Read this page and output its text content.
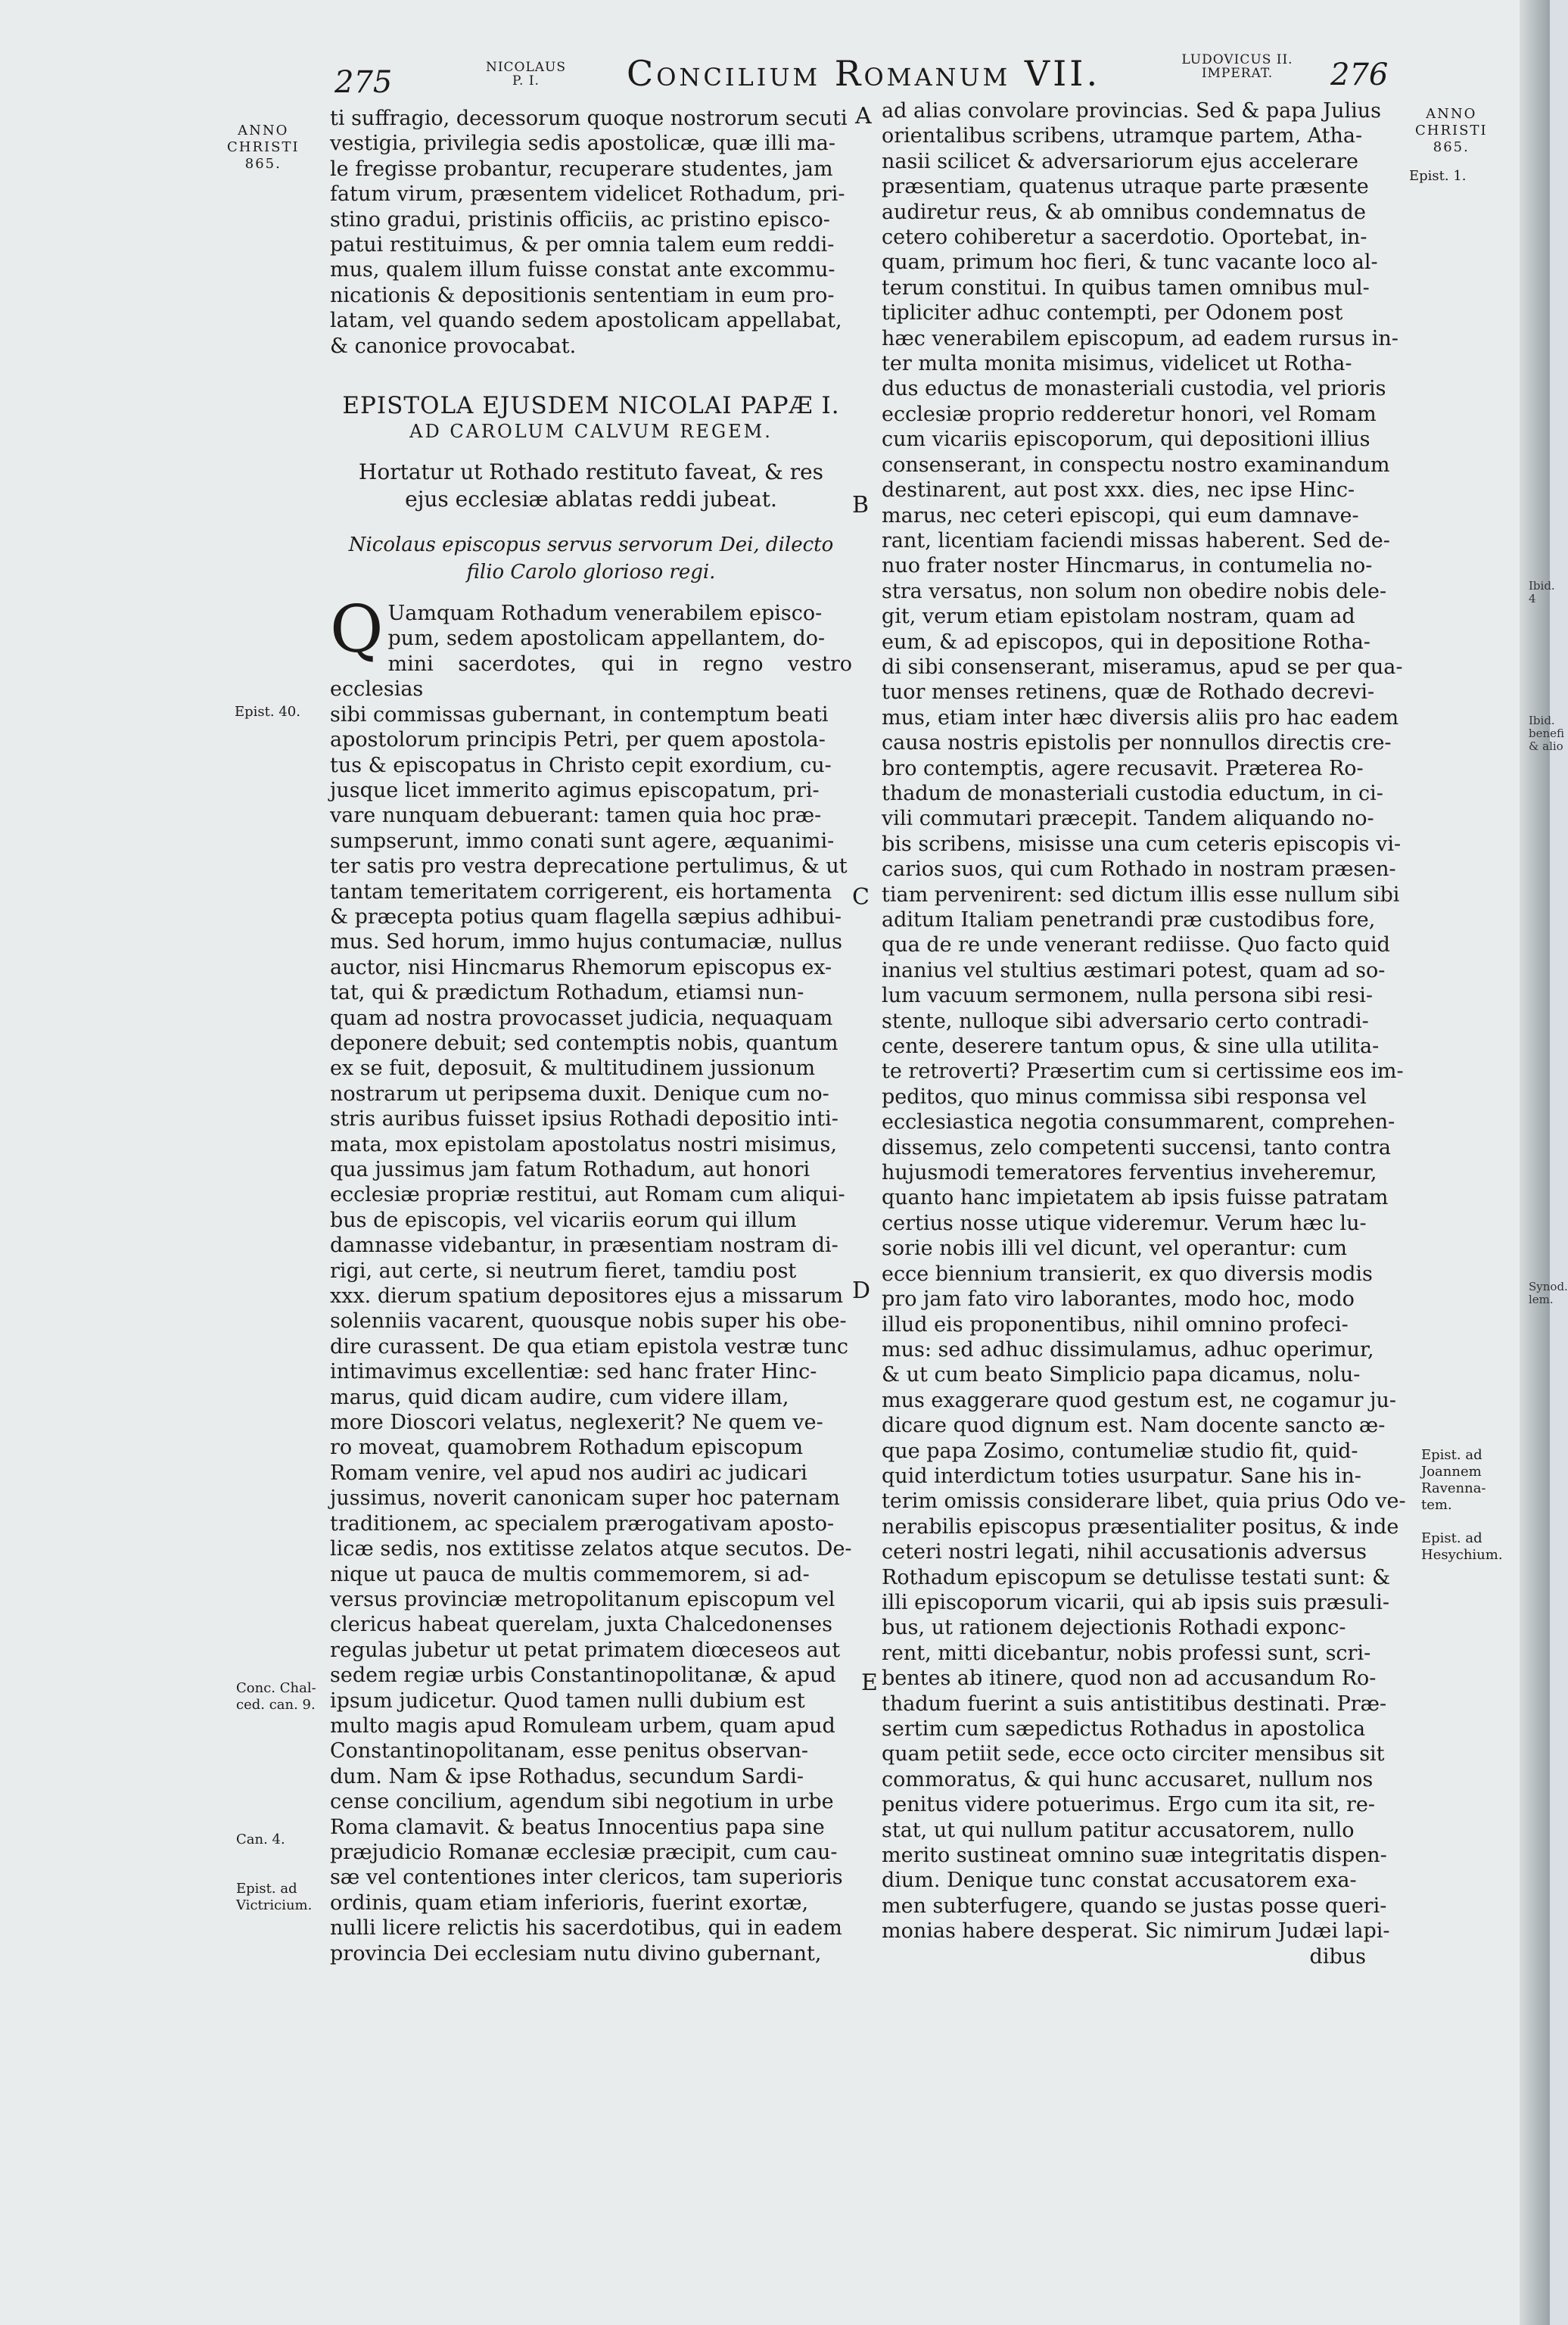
275	NICOLAUS
P. I.	Concilium Romanum VII.	LUDOVICUS II.
IMPERAT.	276
ANNO
CHRISTI
865.
Epist. 40.
Conc. Chal-
ced. can. 9.
Can. 4.
Epist. ad
Victricium.
ANNO
CHRISTI
865.
Epist. 1.
Epist. ad
Joannem
Ravenna-
tem.
Epist. ad
Hesychium.
Ibid. 4
Ibid.
benefi
& alio
Synod.
lem.
A
B
C
D
E

ti suffragio, decessorum quoque nostrorum secuti

vestigia, privilegia sedis apostolicæ, quæ illi ma-

le fregisse probantur, recuperare studentes, jam

fatum virum, præsentem videlicet Rothadum, pri-

stino gradui, pristinis officiis, ac pristino episco-

patui restituimus, & per omnia talem eum reddi-

mus, qualem illum fuisse constat ante excommu-

nicationis & depositionis sententiam in eum pro-

latam, vel quando sedem apostolicam appellabat,

& canonice provocabat.

EPISTOLA EJUSDEM NICOLAI PAPÆ I.
AD CAROLUM CALVUM REGEM.
Hortatur ut Rothado restituto faveat, & res ejus ecclesiæ ablatas reddi jubeat.
Nicolaus episcopus servus servorum Dei, dilecto filio Carolo glorioso regi.
Q Uamquam Rothadum venerabilem episco-

pum, sedem apostolicam appellantem, do-

mini sacerdotes, qui in regno vestro ecclesias

sibi commissas gubernant, in contemptum beati

apostolorum principis Petri, per quem apostola-

tus & episcopatus in Christo cepit exordium, cu-

jusque licet immerito agimus episcopatum, pri-

vare nunquam debuerant: tamen quia hoc præ-

sumpserunt, immo conati sunt agere, æquanimi-

ter satis pro vestra deprecatione pertulimus, & ut

tantam temeritatem corrigerent, eis hortamenta

& præcepta potius quam flagella sæpius adhibui-

mus. Sed horum, immo hujus contumaciæ, nullus

auctor, nisi Hincmarus Rhemorum episcopus ex-

tat, qui & prædictum Rothadum, etiamsi nun-

quam ad nostra provocasset judicia, nequaquam

deponere debuit; sed contemptis nobis, quantum

ex se fuit, deposuit, & multitudinem jussionum

nostrarum ut peripsema duxit. Denique cum no-

stris auribus fuisset ipsius Rothadi depositio inti-

mata, mox epistolam apostolatus nostri misimus,

qua jussimus jam fatum Rothadum, aut honori

ecclesiæ propriæ restitui, aut Romam cum aliqui-

bus de episcopis, vel vicariis eorum qui illum

damnasse videbantur, in præsentiam nostram di-

rigi, aut certe, si neutrum fieret, tamdiu post

xxx. dierum spatium depositores ejus a missarum

solenniis vacarent, quousque nobis super his obe-

dire curassent. De qua etiam epistola vestræ tunc

intimavimus excellentiæ: sed hanc frater Hinc-

marus, quid dicam audire, cum videre illam,

more Dioscori velatus, neglexerit? Ne quem ve-

ro moveat, quamobrem Rothadum episcopum

Romam venire, vel apud nos audiri ac judicari

jussimus, noverit canonicam super hoc paternam

traditionem, ac specialem prærogativam aposto-

licæ sedis, nos extitisse zelatos atque secutos. De-

nique ut pauca de multis commemorem, si ad-

versus provinciæ metropolitanum episcopum vel

clericus habeat querelam, juxta Chalcedonenses

regulas jubetur ut petat primatem diœceseos aut

sedem regiæ urbis Constantinopolitanæ, & apud

ipsum judicetur. Quod tamen nulli dubium est

multo magis apud Romuleam urbem, quam apud

Constantinopolitanam, esse penitus observan-

dum. Nam & ipse Rothadus, secundum Sardi-

cense concilium, agendum sibi negotium in urbe

Roma clamavit. & beatus Innocentius papa sine

præjudicio Romanæ ecclesiæ præcipit, cum cau-

sæ vel contentiones inter clericos, tam superioris

ordinis, quam etiam inferioris, fuerint exortæ,

nulli licere relictis his sacerdotibus, qui in eadem

provincia Dei ecclesiam nutu divino gubernant,

ad alias convolare provincias. Sed & papa Julius

orientalibus scribens, utramque partem, Atha-

nasii scilicet & adversariorum ejus accelerare

præsentiam, quatenus utraque parte præsente

audiretur reus, & ab omnibus condemnatus de

cetero cohiberetur a sacerdotio. Oportebat, in-

quam, primum hoc fieri, & tunc vacante loco al-

terum constitui. In quibus tamen omnibus mul-

tipliciter adhuc contempti, per Odonem post

hæc venerabilem episcopum, ad eadem rursus in-

ter multa monita misimus, videlicet ut Rotha-

dus eductus de monasteriali custodia, vel prioris

ecclesiæ proprio redderetur honori, vel Romam

cum vicariis episcoporum, qui depositioni illius

consenserant, in conspectu nostro examinandum

destinarent, aut post xxx. dies, nec ipse Hinc-

marus, nec ceteri episcopi, qui eum damnave-

rant, licentiam faciendi missas haberent. Sed de-

nuo frater noster Hincmarus, in contumelia no-

stra versatus, non solum non obedire nobis dele-

git, verum etiam epistolam nostram, quam ad

eum, & ad episcopos, qui in depositione Rotha-

di sibi consenserant, miseramus, apud se per qua-

tuor menses retinens, quæ de Rothado decrevi-

mus, etiam inter hæc diversis aliis pro hac eadem

causa nostris epistolis per nonnullos directis cre-

bro contemptis, agere recusavit. Præterea Ro-

thadum de monasteriali custodia eductum, in ci-

vili commutari præcepit. Tandem aliquando no-

bis scribens, misisse una cum ceteris episcopis vi-

carios suos, qui cum Rothado in nostram præsen-

tiam pervenirent: sed dictum illis esse nullum sibi

aditum Italiam penetrandi præ custodibus fore,

qua de re unde venerant rediisse. Quo facto quid

inanius vel stultius æstimari potest, quam ad so-

lum vacuum sermonem, nulla persona sibi resi-

stente, nulloque sibi adversario certo contradi-

cente, deserere tantum opus, & sine ulla utilita-

te retroverti? Præsertim cum si certissime eos im-

peditos, quo minus commissa sibi responsa vel

ecclesiastica negotia consummarent, comprehen-

dissemus, zelo competenti succensi, tanto contra

hujusmodi temeratores ferventius inveheremur,

quanto hanc impietatem ab ipsis fuisse patratam

certius nosse utique videremur. Verum hæc lu-

sorie nobis illi vel dicunt, vel operantur: cum

ecce biennium transierit, ex quo diversis modis

pro jam fato viro laborantes, modo hoc, modo

illud eis proponentibus, nihil omnino profeci-

mus: sed adhuc dissimulamus, adhuc operimur,

& ut cum beato Simplicio papa dicamus, nolu-

mus exaggerare quod gestum est, ne cogamur ju-

dicare quod dignum est. Nam docente sancto æ-

que papa Zosimo, contumeliæ studio fit, quid-

quid interdictum toties usurpatur. Sane his in-

terim omissis considerare libet, quia prius Odo ve-

nerabilis episcopus præsentialiter positus, & inde

ceteri nostri legati, nihil accusationis adversus

Rothadum episcopum se detulisse testati sunt: &

illi episcoporum vicarii, qui ab ipsis suis præsuli-

bus, ut rationem dejectionis Rothadi exponc-

rent, mitti dicebantur, nobis professi sunt, scri-

bentes ab itinere, quod non ad accusandum Ro-

thadum fuerint a suis antistitibus destinati. Præ-

sertim cum sæpedictus Rothadus in apostolica

quam petiit sede, ecce octo circiter mensibus sit

commoratus, & qui hunc accusaret, nullum nos

penitus videre potuerimus. Ergo cum ita sit, re-

stat, ut qui nullum patitur accusatorem, nullo

merito sustineat omnino suæ integritatis dispen-

dium. Denique tunc constat accusatorem exa-

men subterfugere, quando se justas posse queri-

monias habere desperat. Sic nimirum Judæi lapi-

dibus
